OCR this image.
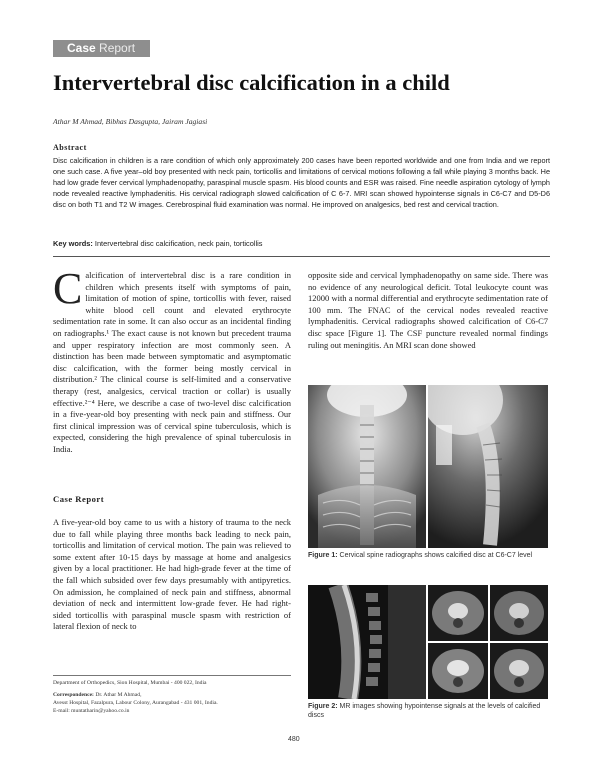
Case Report
Intervertebral disc calcification in a child
Athar M Ahmad, Bibhas Dasgupta, Jairam Jagiasi
Abstract
Disc calcification in children is a rare condition of which only approximately 200 cases have been reported worldwide and one from India and we report one such case. A five year–old boy presented with neck pain, torticollis and limitations of cervical motions following a fall while playing 3 months back. He had low grade fever cervical lymphadenopathy, paraspinal muscle spasm. His blood counts and ESR was raised. Fine needle aspiration cytology of lymph node revealed reactive lymphadenitis. His cervical radiograph slowed calcification of C 6-7. MRI scan showed hypointense signals in C6-C7 and D5-D6 disc on both T1 and T2 W images. Cerebrospinal fluid examination was normal. He improved on analgesics, bed rest and cervical traction.
Key words: Intervertebral disc calcification, neck pain, torticollis
Calcification of intervertebral disc is a rare condition in children which presents itself with symptoms of pain, limitation of motion of spine, torticollis with fever, raised white blood cell count and elevated erythrocyte sedimentation rate in some. It can also occur as an incidental finding on radiographs.¹ The exact cause is not known but precedent trauma and upper respiratory infection are most commonly seen. A distinction has been made between symptomatic and asymptomatic disc calcification, with the former being mostly cervical in distribution.² The clinical course is self-limited and a conservative therapy (rest, analgesics, cervical traction or collar) is usually effective.²⁻⁴ Here, we describe a case of two-level disc calcification in a five-year-old boy presenting with neck pain and stiffness. Our first clinical impression was of cervical spine tuberculosis, which is expected, considering the high prevalence of spinal tuberculosis in India.
Case Report
A five-year-old boy came to us with a history of trauma to the neck due to fall while playing three months back leading to neck pain, torticollis and limitation of cervical motion. The pain was relieved to some extent after 10-15 days by massage at home and analgesics given by a local practitioner. He had high-grade fever at the time of the fall which subsided over few days presumably with antipyretics. On admission, he complained of neck pain and stiffness, abnormal deviation of neck and intermittent low-grade fever. He had right-sided torticollis with paraspinal muscle spasm with restriction of lateral flexion of neck to
opposite side and cervical lymphadenopathy on same side. There was no evidence of any neurological deficit. Total leukocyte count was 12000 with a normal differential and erythrocyte sedimentation rate of 100 mm. The FNAC of the cervical nodes revealed reactive lymphadenitis. Cervical radiographs showed calcification of C6-C7 disc space [Figure 1]. The CSF puncture revealed normal findings ruling out meningitis. An MRI scan done showed
Figure 1: Cervical spine radiographs shows calcified disc at C6-C7 level
Figure 2: MR images showing hypointense signals at the levels of calcified discs
Department of Orthopedics, Sion Hospital, Mumbai - 400 022, India
Correspondence: Dr. Athar M Ahmad,
Avesst Hospital, Fazalpura, Labour Colony, Aurangabad - 431 001, India.
E-mail: muntatharin@yahoo.co.in
480
